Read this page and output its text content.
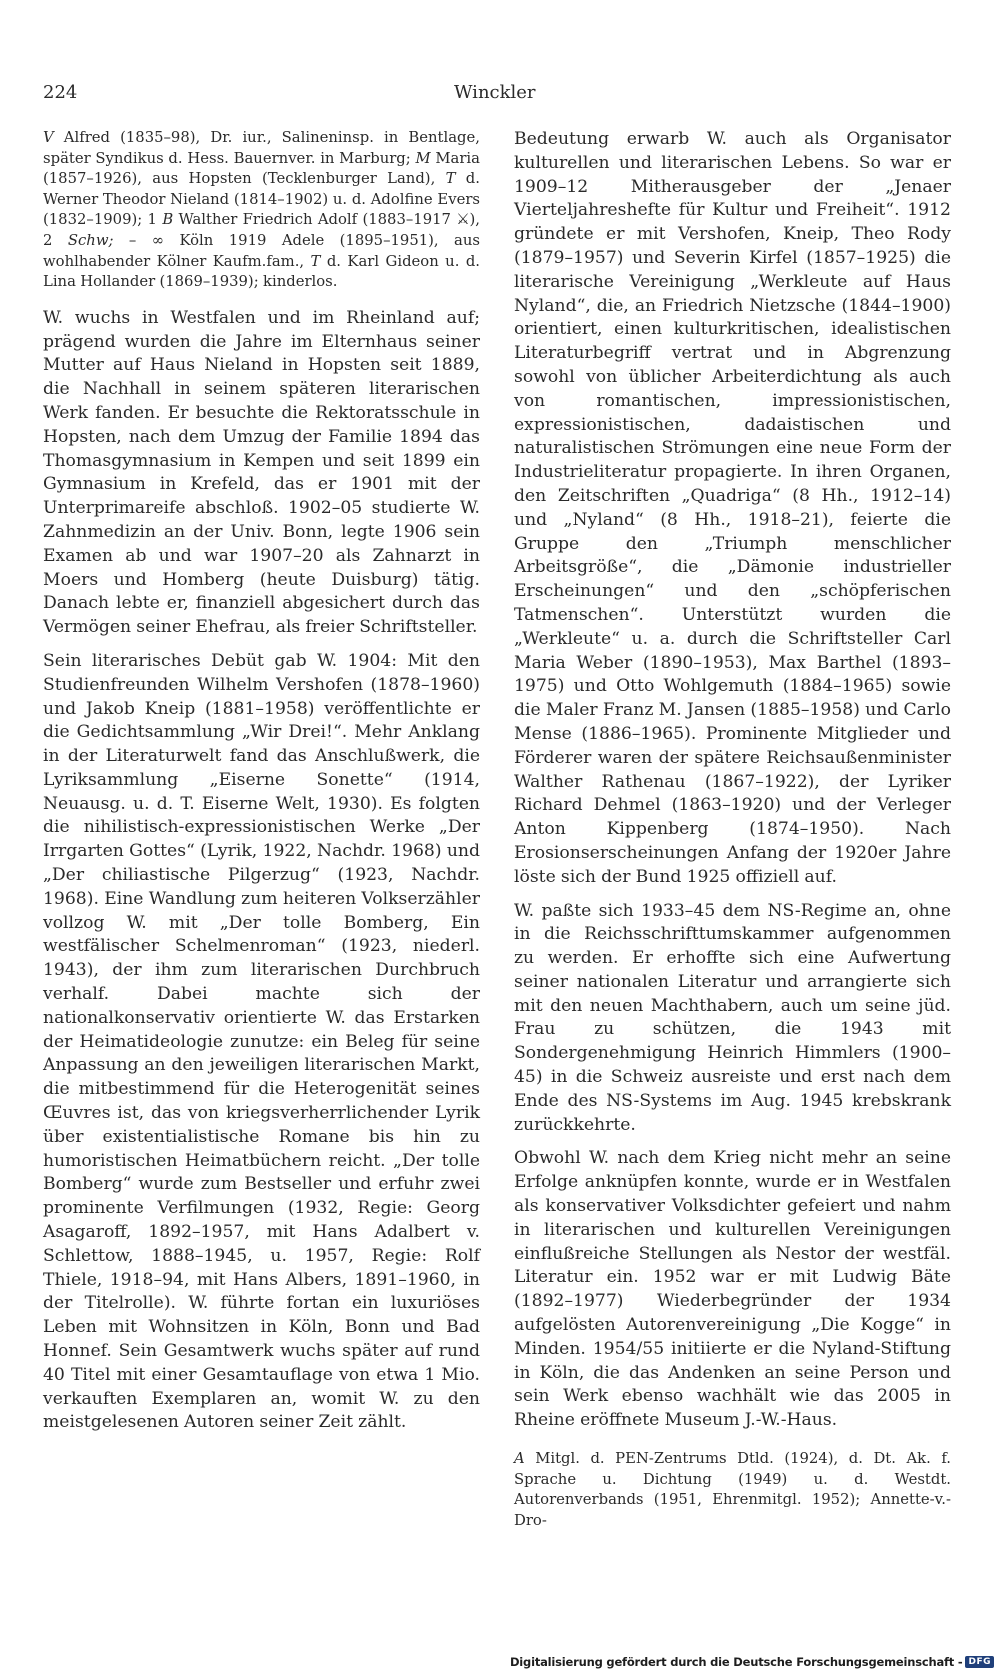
224	Winckler

V Alfred (1835–98), Dr. iur., Salineninsp. in Bentlage, später Syndikus d. Hess. Bauernver. in Marburg; M Maria (1857–1926), aus Hopsten (Tecklenburger Land), T d. Werner Theodor Nieland (1814–1902) u. d. Adolfine Evers (1832–1909); 1 B Walther Friedrich Adolf (1883–1917 ⚔), 2 Schw; – ∞ Köln 1919 Adele (1895–1951), aus wohlhabender Kölner Kaufm.fam., T d. Karl Gideon u. d. Lina Hollander (1869–1939); kinderlos.

W. wuchs in Westfalen und im Rheinland auf; prägend wurden die Jahre im Elternhaus seiner Mutter auf Haus Nieland in Hopsten seit 1889, die Nachhall in seinem späteren literarischen Werk fanden. Er besuchte die Rektoratsschule in Hopsten, nach dem Umzug der Familie 1894 das Thomasgymnasium in Kempen und seit 1899 ein Gymnasium in Krefeld, das er 1901 mit der Unterprimareife abschloß. 1902–05 studierte W. Zahnmedizin an der Univ. Bonn, legte 1906 sein Examen ab und war 1907–20 als Zahnarzt in Moers und Homberg (heute Duisburg) tätig. Danach lebte er, finanziell abgesichert durch das Vermögen seiner Ehefrau, als freier Schriftsteller.

Sein literarisches Debüt gab W. 1904: Mit den Studienfreunden Wilhelm Vershofen (1878–1960) und Jakob Kneip (1881–1958) veröffentlichte er die Gedichtsammlung „Wir Drei!“. Mehr Anklang in der Literaturwelt fand das Anschlußwerk, die Lyriksammlung „Eiserne Sonette“ (1914, Neuausg. u. d. T. Eiserne Welt, 1930). Es folgten die nihilistisch-expressionistischen Werke „Der Irrgarten Gottes“ (Lyrik, 1922, Nachdr. 1968) und „Der chiliastische Pilgerzug“ (1923, Nachdr. 1968). Eine Wandlung zum heiteren Volkserzähler vollzog W. mit „Der tolle Bomberg, Ein westfälischer Schelmenroman“ (1923, niederl. 1943), der ihm zum literarischen Durchbruch verhalf. Dabei machte sich der nationalkonservativ orientierte W. das Erstarken der Heimatideologie zunutze: ein Beleg für seine Anpassung an den jeweiligen literarischen Markt, die mitbestimmend für die Heterogenität seines Œuvres ist, das von kriegsverherrlichender Lyrik über existentialistische Romane bis hin zu humoristischen Heimatbüchern reicht. „Der tolle Bomberg“ wurde zum Bestseller und erfuhr zwei prominente Verfilmungen (1932, Regie: Georg Asagaroff, 1892–1957, mit Hans Adalbert v. Schlettow, 1888–1945, u. 1957, Regie: Rolf Thiele, 1918–94, mit Hans Albers, 1891–1960, in der Titelrolle). W. führte fortan ein luxuriöses Leben mit Wohnsitzen in Köln, Bonn und Bad Honnef. Sein Gesamtwerk wuchs später auf rund 40 Titel mit einer Gesamtauflage von etwa 1 Mio. verkauften Exemplaren an, womit W. zu den meistgelesenen Autoren seiner Zeit zählt.

Bedeutung erwarb W. auch als Organisator kulturellen und literarischen Lebens. So war er 1909–12 Mitherausgeber der „Jenaer Vierteljahreshefte für Kultur und Freiheit“. 1912 gründete er mit Vershofen, Kneip, Theo Rody (1879–1957) und Severin Kirfel (1857–1925) die literarische Vereinigung „Werkleute auf Haus Nyland“, die, an Friedrich Nietzsche (1844–1900) orientiert, einen kulturkritischen, idealistischen Literaturbegriff vertrat und in Abgrenzung sowohl von üblicher Arbeiterdichtung als auch von romantischen, impressionistischen, expressionistischen, dadaistischen und naturalistischen Strömungen eine neue Form der Industrieliteratur propagierte. In ihren Organen, den Zeitschriften „Quadriga“ (8 Hh., 1912–14) und „Nyland“ (8 Hh., 1918–21), feierte die Gruppe den „Triumph menschlicher Arbeitsgröße“, die „Dämonie industrieller Erscheinungen“ und den „schöpferischen Tatmenschen“. Unterstützt wurden die „Werkleute“ u. a. durch die Schriftsteller Carl Maria Weber (1890–1953), Max Barthel (1893–1975) und Otto Wohlgemuth (1884–1965) sowie die Maler Franz M. Jansen (1885–1958) und Carlo Mense (1886–1965). Prominente Mitglieder und Förderer waren der spätere Reichsaußenminister Walther Rathenau (1867–1922), der Lyriker Richard Dehmel (1863–1920) und der Verleger Anton Kippenberg (1874–1950). Nach Erosionserscheinungen Anfang der 1920er Jahre löste sich der Bund 1925 offiziell auf.

W. paßte sich 1933–45 dem NS-Regime an, ohne in die Reichsschrifttumskammer aufgenommen zu werden. Er erhoffte sich eine Aufwertung seiner nationalen Literatur und arrangierte sich mit den neuen Machthabern, auch um seine jüd. Frau zu schützen, die 1943 mit Sondergenehmigung Heinrich Himmlers (1900–45) in die Schweiz ausreiste und erst nach dem Ende des NS-Systems im Aug. 1945 krebskrank zurückkehrte.

Obwohl W. nach dem Krieg nicht mehr an seine Erfolge anknüpfen konnte, wurde er in Westfalen als konservativer Volksdichter gefeiert und nahm in literarischen und kulturellen Vereinigungen einflußreiche Stellungen als Nestor der westfäl. Literatur ein. 1952 war er mit Ludwig Bäte (1892–1977) Wiederbegründer der 1934 aufgelösten Autorenvereinigung „Die Kogge“ in Minden. 1954/55 initiierte er die Nyland-Stiftung in Köln, die das Andenken an seine Person und sein Werk ebenso wachhält wie das 2005 in Rheine eröffnete Museum J.-W.-Haus.

A Mitgl. d. PEN-Zentrums Dtld. (1924), d. Dt. Ak. f. Sprache u. Dichtung (1949) u. d. Westdt. Autorenverbands (1951, Ehrenmitgl. 1952); Annette-v.-Dro-

Digitalisierung gefördert durch die Deutsche Forschungsgemeinschaft - DFG
